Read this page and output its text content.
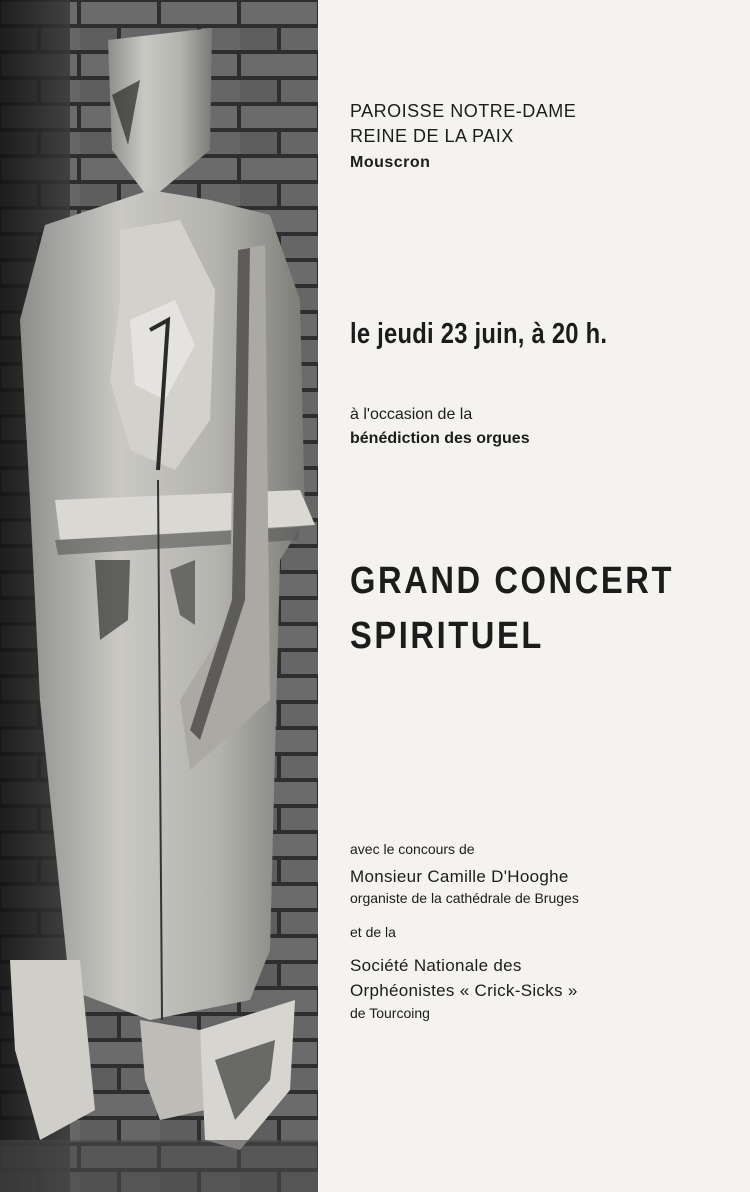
PAROISSE NOTRE-DAME

REINE DE LA PAIX

Mouscron

le jeudi 23 juin, à 20 h.

à l'occasion de la

bénédiction des orgues

GRAND CONCERT

SPIRITUEL

avec le concours de

Monsieur Camille D'Hooghe

organiste de la cathédrale de Bruges

et de la

Société Nationale des

Orphéonistes « Crick-Sicks »

de Tourcoing
